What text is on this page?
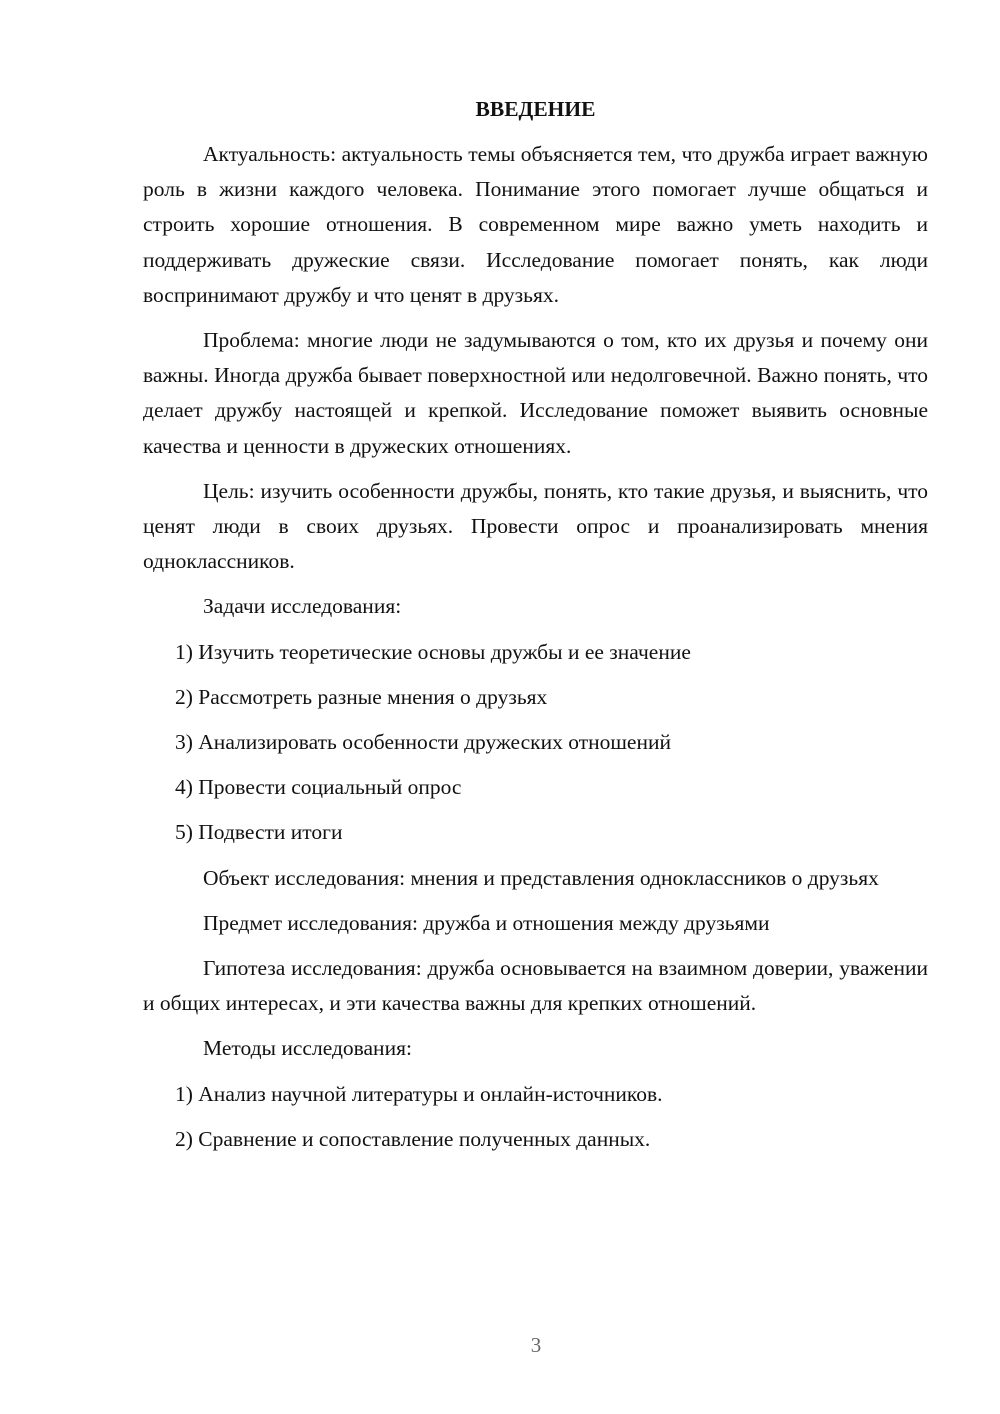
ВВЕДЕНИЕ

Актуальность: актуальность темы объясняется тем, что дружба играет важную роль в жизни каждого человека. Понимание этого помогает лучше общаться и строить хорошие отношения. В современном мире важно уметь находить и поддерживать дружеские связи. Исследование помогает понять, как люди воспринимают дружбу и что ценят в друзьях.

Проблема: многие люди не задумываются о том, кто их друзья и почему они важны. Иногда дружба бывает поверхностной или недолговечной. Важно понять, что делает дружбу настоящей и крепкой. Исследование поможет выявить основные качества и ценности в дружеских отношениях.

Цель: изучить особенности дружбы, понять, кто такие друзья, и выяснить, что ценят люди в своих друзьях. Провести опрос и проанализировать мнения одноклассников.

Задачи исследования:

1) Изучить теоретические основы дружбы и ее значение
2) Рассмотреть разные мнения о друзьях
3) Анализировать особенности дружеских отношений
4) Провести социальный опрос
5) Подвести итоги

Объект исследования: мнения и представления одноклассников о друзьях

Предмет исследования: дружба и отношения между друзьями

Гипотеза исследования: дружба основывается на взаимном доверии, уважении и общих интересах, и эти качества важны для крепких отношений.

Методы исследования:

1) Анализ научной литературы и онлайн-источников.
2) Сравнение и сопоставление полученных данных.
3
